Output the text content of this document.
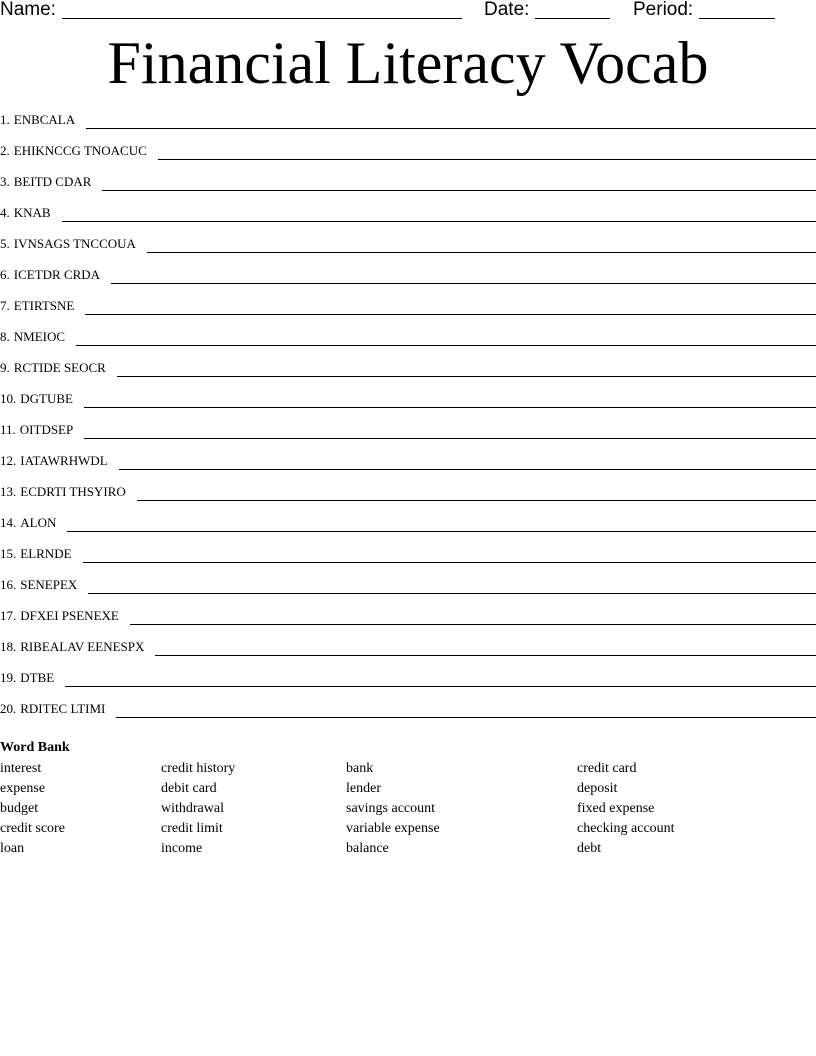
Name:	Date:	Period:
Financial Literacy Vocab
1. ENBCALA
2. EHIKNCCG TNOACUC
3. BEITD CDAR
4. KNAB
5. IVNSAGS TNCCOUA
6. ICETDR CRDA
7. ETIRTSNE
8. NMEIOC
9. RCTIDE SEOCR
10. DGTUBE
11. OITDSEP
12. IATAWRHWDL
13. ECDRTI THSYIRO
14. ALON
15. ELRNDE
16. SENEPEX
17. DFXEI PSENEXE
18. RIBEALAV EENESPX
19. DTBE
20. RDITEC LTIMI
Word Bank
interest
expense
budget
credit score
loan
credit history
debit card
withdrawal
credit limit
income
bank
lender
savings account
variable expense
balance
credit card
deposit
fixed expense
checking account
debt
